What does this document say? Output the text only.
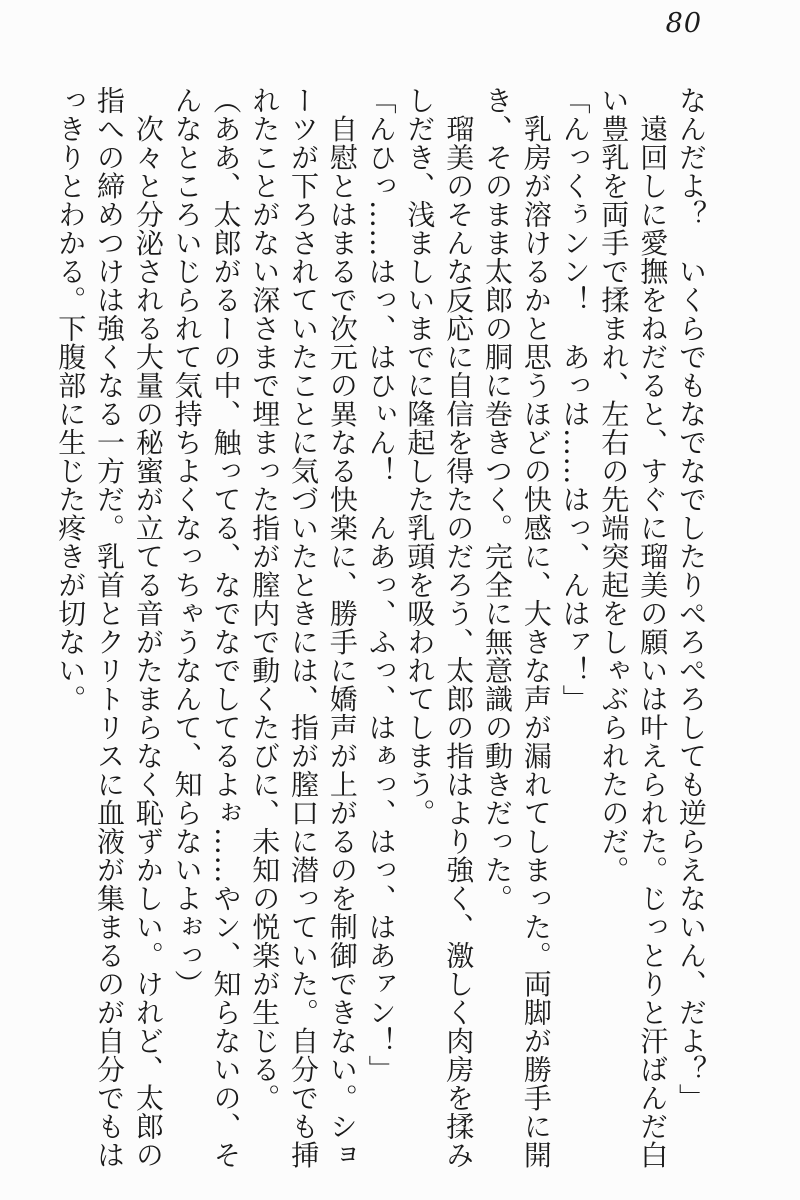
80

なんだよ？　いくらでもなでなでしたりぺろぺろしても逆らえないん、だよ？」

　遠回しに愛撫をねだると、すぐに瑠美の願いは叶えられた。じっとりと汗ばんだ白

い豊乳を両手で揉まれ、左右の先端突起をしゃぶられたのだ。

「んっくぅンン！　あっは……はっ、んはァ！」

　乳房が溶けるかと思うほどの快感に、大きな声が漏れてしまった。両脚が勝手に開

き、そのまま太郎の胴に巻きつく。完全に無意識の動きだった。

　瑠美のそんな反応に自信を得たのだろう、太郎の指はより強く、激しく肉房を揉み

しだき、浅ましいまでに隆起した乳頭を吸われてしまう。

「んひっ……はっ、はひぃん！　んあっ、ふっ、はぁっ、はっ、はあァン！」

　自慰とはまるで次元の異なる快楽に、勝手に嬌声が上がるのを制御できない。ショ

ーツが下ろされていたことに気づいたときには、指が膣口に潜っていた。自分でも挿

れたことがない深さまで埋まった指が膣内で動くたびに、未知の悦楽が生じる。

（ああ、太郎がるーの中、触ってる、なでなでしてるよぉ……やン、知らないの、そ

んなところいじられて気持ちよくなっちゃうなんて、知らないよぉっ）

　次々と分泌される大量の秘蜜が立てる音がたまらなく恥ずかしい。けれど、太郎の

指への締めつけは強くなる一方だ。乳首とクリトリスに血液が集まるのが自分でもは

っきりとわかる。下腹部に生じた疼きが切ない。
